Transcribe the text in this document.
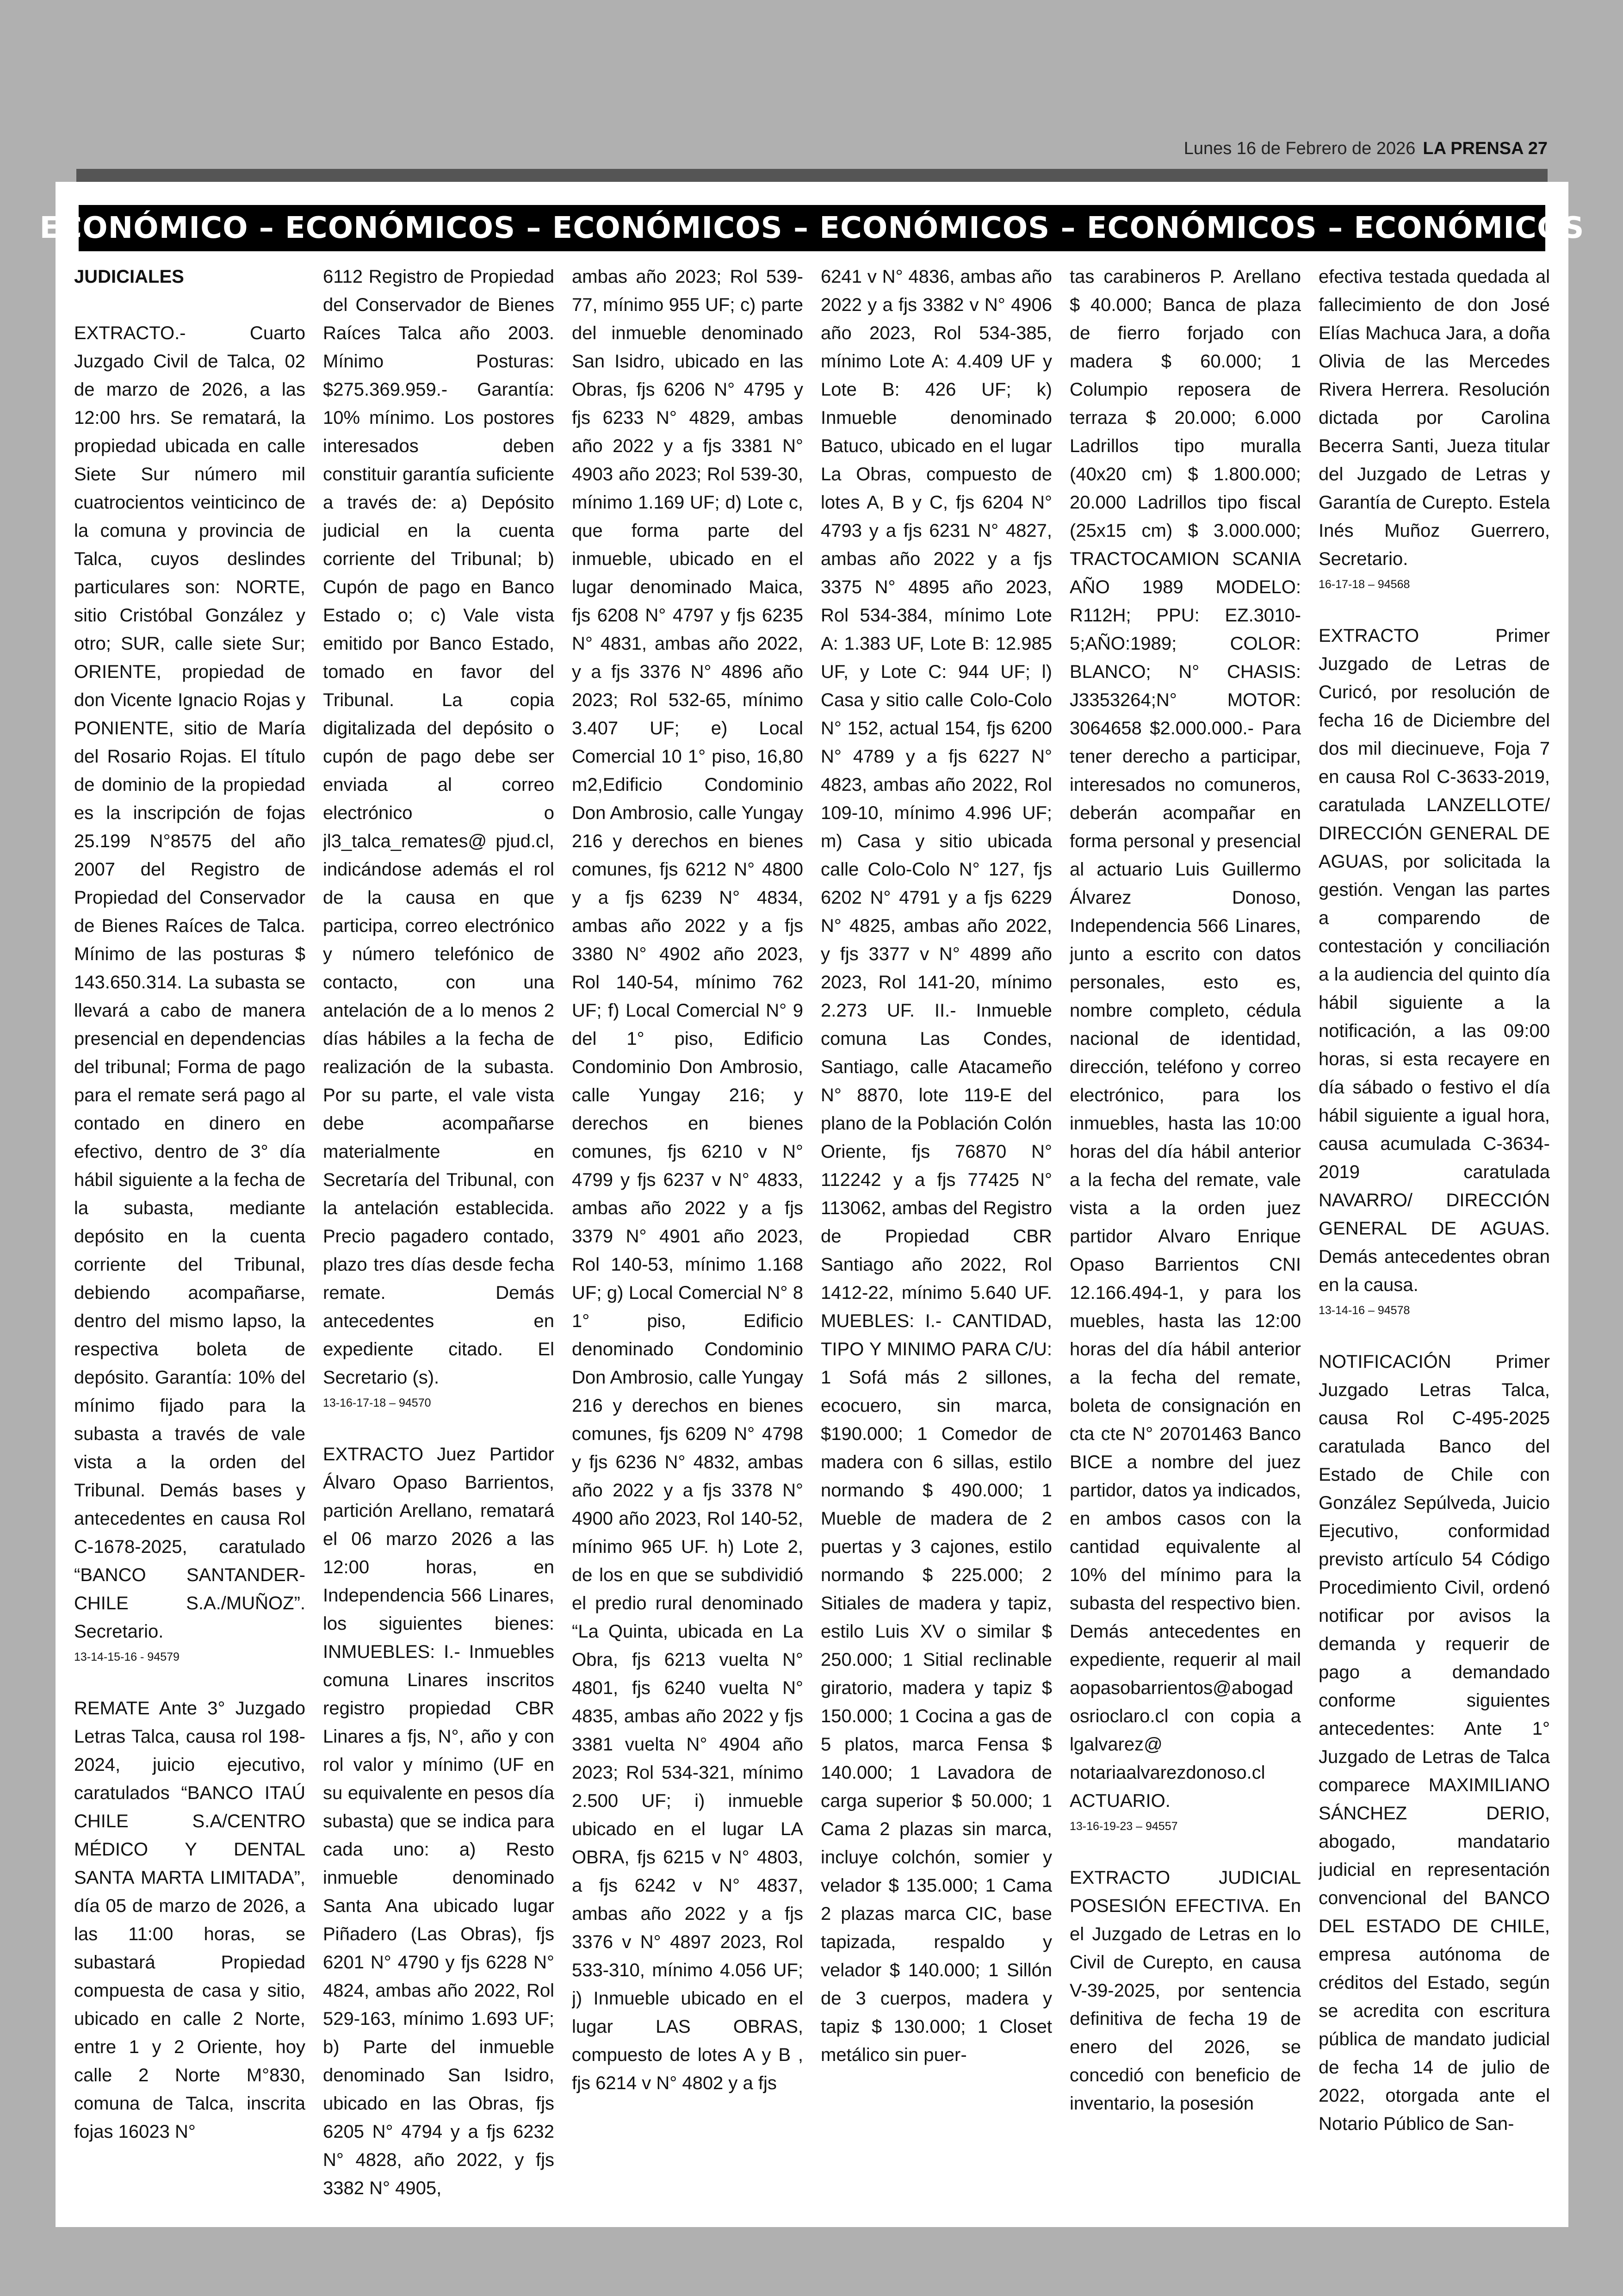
Lunes 16 de Febrero de 2026 LA PRENSA 27
ECONÓMICO – ECONÓMICOS – ECONÓMICOS – ECONÓMICOS – ECONÓMICOS – ECONÓMICOS
JUDICIALES

EXTRACTO.- Cuarto Juzgado Civil de Talca, 02 de marzo de 2026, a las 12:00 hrs. Se rematará, la propiedad ubicada en calle Siete Sur número mil cuatrocientos veinticinco de la comuna y provincia de Talca, cuyos deslindes particulares son: NORTE, sitio Cristóbal González y otro; SUR, calle siete Sur; ORIENTE, propiedad de don Vicente Ignacio Rojas y PONIENTE, sitio de María del Rosario Rojas. El título de dominio de la propiedad es la inscripción de fojas 25.199 N°8575 del año 2007 del Registro de Propiedad del Conservador de Bienes Raíces de Talca. Mínimo de las posturas $ 143.650.314. La subasta se llevará a cabo de manera presencial en dependencias del tribunal; Forma de pago para el remate será pago al contado en dinero en efectivo, dentro de 3° día hábil siguiente a la fecha de la subasta, mediante depósito en la cuenta corriente del Tribunal, debiendo acompañarse, dentro del mismo lapso, la respectiva boleta de depósito. Garantía: 10% del mínimo fijado para la subasta a través de vale vista a la orden del Tribunal. Demás bases y antecedentes en causa Rol C-1678-2025, caratulado “BANCO SANTANDER-CHILE S.A./MUÑOZ”. Secretario.
13-14-15-16 - 94579

REMATE Ante 3° Juzgado Letras Talca, causa rol 198-2024, juicio ejecutivo, caratulados “BANCO ITAÚ CHILE S.A/CENTRO MÉDICO Y DENTAL SANTA MARTA LIMITADA”, día 05 de marzo de 2026, a las 11:00 horas, se subastará Propiedad compuesta de casa y sitio, ubicado en calle 2 Norte, entre 1 y 2 Oriente, hoy calle 2 Norte M°830, comuna de Talca, inscrita fojas 16023 N°

6112 Registro de Propiedad del Conservador de Bienes Raíces Talca año 2003. Mínimo Posturas: $275.369.959.- Garantía: 10% mínimo. Los postores interesados deben constituir garantía suficiente a través de: a) Depósito judicial en la cuenta corriente del Tribunal; b) Cupón de pago en Banco Estado o; c) Vale vista emitido por Banco Estado, tomado en favor del Tribunal. La copia digitalizada del depósito o cupón de pago debe ser enviada al correo electrónico o jl3_talca_remates@ pjud.cl, indicándose además el rol de la causa en que participa, correo electrónico y número telefónico de contacto, con una antelación de a lo menos 2 días hábiles a la fecha de realización de la subasta. Por su parte, el vale vista debe acompañarse materialmente en Secretaría del Tribunal, con la antelación establecida. Precio pagadero contado, plazo tres días desde fecha remate. Demás antecedentes en expediente citado. El Secretario (s).
13-16-17-18 – 94570

EXTRACTO Juez Partidor Álvaro Opaso Barrientos, partición Arellano, rematará el 06 marzo 2026 a las 12:00 horas, en Independencia 566 Linares, los siguientes bienes: INMUEBLES: I.- Inmuebles comuna Linares inscritos registro propiedad CBR Linares a fjs, N°, año y con rol valor y mínimo (UF en su equivalente en pesos día subasta) que se indica para cada uno: a) Resto inmueble denominado Santa Ana ubicado lugar Piñadero (Las Obras), fjs 6201 N° 4790 y fjs 6228 N° 4824, ambas año 2022, Rol 529-163, mínimo 1.693 UF; b) Parte del inmueble denominado San Isidro, ubicado en las Obras, fjs 6205 N° 4794 y a fjs 6232 N° 4828, año 2022, y fjs 3382 N° 4905,

ambas año 2023; Rol 539-77, mínimo 955 UF; c) parte del inmueble denominado San Isidro, ubicado en las Obras, fjs 6206 N° 4795 y fjs 6233 N° 4829, ambas año 2022 y a fjs 3381 N° 4903 año 2023; Rol 539-30, mínimo 1.169 UF; d) Lote c, que forma parte del inmueble, ubicado en el lugar denominado Maica, fjs 6208 N° 4797 y fjs 6235 N° 4831, ambas año 2022, y a fjs 3376 N° 4896 año 2023; Rol 532-65, mínimo 3.407 UF; e) Local Comercial 10 1° piso, 16,80 m2,Edificio Condominio Don Ambrosio, calle Yungay 216 y derechos en bienes comunes, fjs 6212 N° 4800 y a fjs 6239 N° 4834, ambas año 2022 y a fjs 3380 N° 4902 año 2023, Rol 140-54, mínimo 762 UF; f) Local Comercial N° 9 del 1° piso, Edificio Condominio Don Ambrosio, calle Yungay 216; y derechos en bienes comunes, fjs 6210 v N° 4799 y fjs 6237 v N° 4833, ambas año 2022 y a fjs 3379 N° 4901 año 2023, Rol 140-53, mínimo 1.168 UF; g) Local Comercial N° 8 1° piso, Edificio denominado Condominio Don Ambrosio, calle Yungay 216 y derechos en bienes comunes, fjs 6209 N° 4798 y fjs 6236 N° 4832, ambas año 2022 y a fjs 3378 N° 4900 año 2023, Rol 140-52, mínimo 965 UF. h) Lote 2, de los en que se subdividió el predio rural denominado “La Quinta, ubicada en La Obra, fjs 6213 vuelta N° 4801, fjs 6240 vuelta N° 4835, ambas año 2022 y fjs 3381 vuelta N° 4904 año 2023; Rol 534-321, mínimo 2.500 UF; i) inmueble ubicado en el lugar LA OBRA, fjs 6215 v N° 4803, a fjs 6242 v N° 4837, ambas año 2022 y a fjs 3376 v N° 4897 2023, Rol 533-310, mínimo 4.056 UF; j) Inmueble ubicado en el lugar LAS OBRAS, compuesto de lotes A y B , fjs 6214 v N° 4802 y a fjs

6241 v N° 4836, ambas año 2022 y a fjs 3382 v N° 4906 año 2023, Rol 534-385, mínimo Lote A: 4.409 UF y Lote B: 426 UF; k) Inmueble denominado Batuco, ubicado en el lugar La Obras, compuesto de lotes A, B y C, fjs 6204 N° 4793 y a fjs 6231 N° 4827, ambas año 2022 y a fjs 3375 N° 4895 año 2023, Rol 534-384, mínimo Lote A: 1.383 UF, Lote B: 12.985 UF, y Lote C: 944 UF; l) Casa y sitio calle Colo-Colo N° 152, actual 154, fjs 6200 N° 4789 y a fjs 6227 N° 4823, ambas año 2022, Rol 109-10, mínimo 4.996 UF; m) Casa y sitio ubicada calle Colo-Colo N° 127, fjs 6202 N° 4791 y a fjs 6229 N° 4825, ambas año 2022, y fjs 3377 v N° 4899 año 2023, Rol 141-20, mínimo 2.273 UF. II.- Inmueble comuna Las Condes, Santiago, calle Atacameño N° 8870, lote 119-E del plano de la Población Colón Oriente, fjs 76870 N° 112242 y a fjs 77425 N° 113062, ambas del Registro de Propiedad CBR Santiago año 2022, Rol 1412-22, mínimo 5.640 UF. MUEBLES: I.- CANTIDAD, TIPO Y MINIMO PARA C/U: 1 Sofá más 2 sillones, ecocuero, sin marca, $190.000; 1 Comedor de madera con 6 sillas, estilo normando $ 490.000; 1 Mueble de madera de 2 puertas y 3 cajones, estilo normando $ 225.000; 2 Sitiales de madera y tapiz, estilo Luis XV o similar $ 250.000; 1 Sitial reclinable giratorio, madera y tapiz $ 150.000; 1 Cocina a gas de 5 platos, marca Fensa $ 140.000; 1 Lavadora de carga superior $ 50.000; 1 Cama 2 plazas sin marca, incluye colchón, somier y velador $ 135.000; 1 Cama 2 plazas marca CIC, base tapizada, respaldo y velador $ 140.000; 1 Sillón de 3 cuerpos, madera y tapiz $ 130.000; 1 Closet metálico sin puer-

tas carabineros P. Arellano $ 40.000; Banca de plaza de fierro forjado con madera $ 60.000; 1 Columpio reposera de terraza $ 20.000; 6.000 Ladrillos tipo muralla (40x20 cm) $ 1.800.000; 20.000 Ladrillos tipo fiscal (25x15 cm) $ 3.000.000; TRACTOCAMION SCANIA AÑO 1989 MODELO: R112H; PPU: EZ.3010-5;AÑO:1989; COLOR: BLANCO; N° CHASIS: J3353264;N° MOTOR: 3064658 $2.000.000.- Para tener derecho a participar, interesados no comuneros, deberán acompañar en forma personal y presencial al actuario Luis Guillermo Álvarez Donoso, Independencia 566 Linares, junto a escrito con datos personales, esto es, nombre completo, cédula nacional de identidad, dirección, teléfono y correo electrónico, para los inmuebles, hasta las 10:00 horas del día hábil anterior a la fecha del remate, vale vista a la orden juez partidor Alvaro Enrique Opaso Barrientos CNI 12.166.494-1, y para los muebles, hasta las 12:00 horas del día hábil anterior a la fecha del remate, boleta de consignación en cta cte N° 20701463 Banco BICE a nombre del juez partidor, datos ya indicados, en ambos casos con la cantidad equivalente al 10% del mínimo para la subasta del respectivo bien. Demás antecedentes en expediente, requerir al mail aopasobarrientos@abogadosrioclaro.cl con copia a lgalvarez@ notariaalvarezdonoso.cl ACTUARIO.
13-16-19-23 – 94557

EXTRACTO JUDICIAL POSESIÓN EFECTIVA. En el Juzgado de Letras en lo Civil de Curepto, en causa V-39-2025, por sentencia definitiva de fecha 19 de enero del 2026, se concedió con beneficio de inventario, la posesión

efectiva testada quedada al fallecimiento de don José Elías Machuca Jara, a doña Olivia de las Mercedes Rivera Herrera. Resolución dictada por Carolina Becerra Santi, Jueza titular del Juzgado de Letras y Garantía de Curepto. Estela Inés Muñoz Guerrero, Secretario.
16-17-18 – 94568

EXTRACTO Primer Juzgado de Letras de Curicó, por resolución de fecha 16 de Diciembre del dos mil diecinueve, Foja 7 en causa Rol C-3633-2019, caratulada LANZELLOTE/ DIRECCIÓN GENERAL DE AGUAS, por solicitada la gestión. Vengan las partes a comparendo de contestación y conciliación a la audiencia del quinto día hábil siguiente a la notificación, a las 09:00 horas, si esta recayere en día sábado o festivo el día hábil siguiente a igual hora, causa acumulada C-3634-2019 caratulada NAVARRO/ DIRECCIÓN GENERAL DE AGUAS. Demás antecedentes obran en la causa.
13-14-16 – 94578

NOTIFICACIÓN Primer Juzgado Letras Talca, causa Rol C-495-2025 caratulada Banco del Estado de Chile con González Sepúlveda, Juicio Ejecutivo, conformidad previsto artículo 54 Código Procedimiento Civil, ordenó notificar por avisos la demanda y requerir de pago a demandado conforme siguientes antecedentes: Ante 1° Juzgado de Letras de Talca comparece MAXIMILIANO SÁNCHEZ DERIO, abogado, mandatario judicial en representación convencional del BANCO DEL ESTADO DE CHILE, empresa autónoma de créditos del Estado, según se acredita con escritura pública de mandato judicial de fecha 14 de julio de 2022, otorgada ante el Notario Público de San-
